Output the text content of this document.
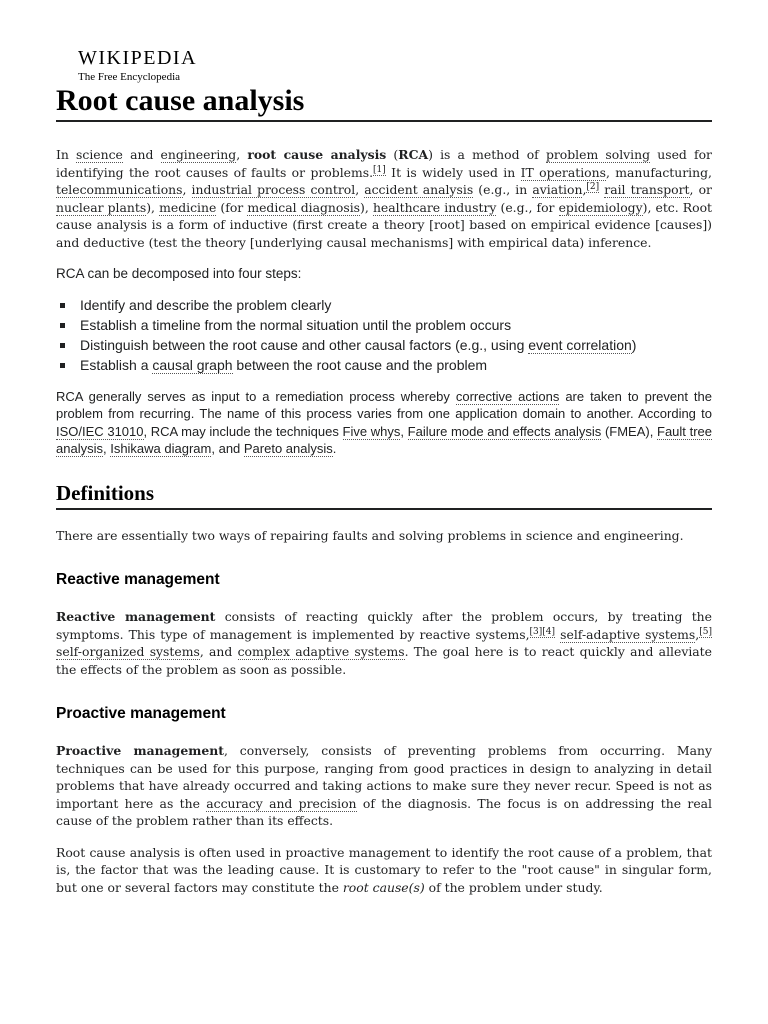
WIKIPEDIA
The Free Encyclopedia
Root cause analysis

In science and engineering, root cause analysis (RCA) is a method of problem solving used for identifying the root causes of faults or problems.[1] It is widely used in IT operations, manufacturing, telecommunications, industrial process control, accident analysis (e.g., in aviation,[2] rail transport, or nuclear plants), medicine (for medical diagnosis), healthcare industry (e.g., for epidemiology), etc. Root cause analysis is a form of inductive (first create a theory [root] based on empirical evidence [causes]) and deductive (test the theory [underlying causal mechanisms] with empirical data) inference.

RCA can be decomposed into four steps:

Identify and describe the problem clearly
Establish a timeline from the normal situation until the problem occurs
Distinguish between the root cause and other causal factors (e.g., using event correlation)
Establish a causal graph between the root cause and the problem

RCA generally serves as input to a remediation process whereby corrective actions are taken to prevent the problem from recurring. The name of this process varies from one application domain to another. According to ISO/IEC 31010, RCA may include the techniques Five whys, Failure mode and effects analysis (FMEA), Fault tree analysis, Ishikawa diagram, and Pareto analysis.

Definitions

There are essentially two ways of repairing faults and solving problems in science and engineering.

Reactive management

Reactive management consists of reacting quickly after the problem occurs, by treating the symptoms. This type of management is implemented by reactive systems,[3][4] self-adaptive systems,[5] self-organized systems, and complex adaptive systems. The goal here is to react quickly and alleviate the effects of the problem as soon as possible.

Proactive management

Proactive management, conversely, consists of preventing problems from occurring. Many techniques can be used for this purpose, ranging from good practices in design to analyzing in detail problems that have already occurred and taking actions to make sure they never recur. Speed is not as important here as the accuracy and precision of the diagnosis. The focus is on addressing the real cause of the problem rather than its effects.

Root cause analysis is often used in proactive management to identify the root cause of a problem, that is, the factor that was the leading cause. It is customary to refer to the "root cause" in singular form, but one or several factors may constitute the root cause(s) of the problem under study.
